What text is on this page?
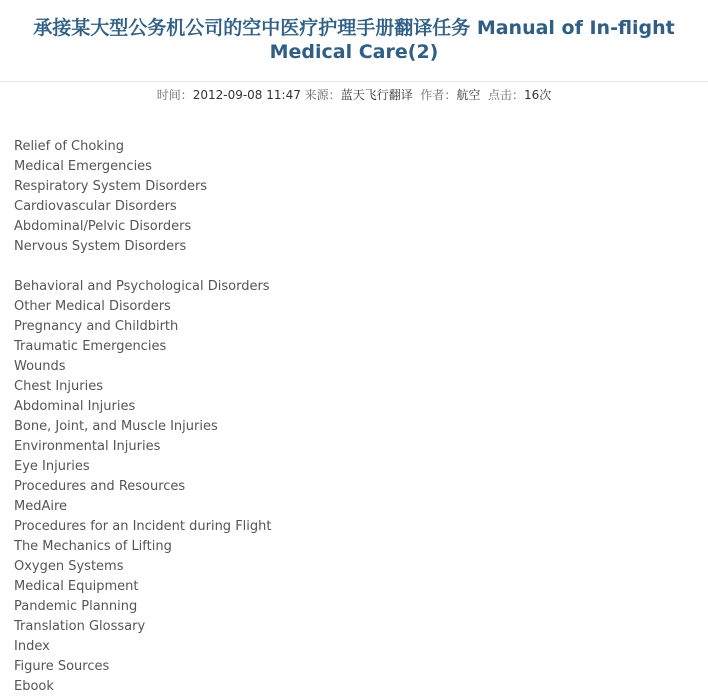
承接某大型公务机公司的空中医疗护理手册翻译任务 Manual of In-flight Medical Care(2)
时间：2012-09-08 11:47 来源：蓝天飞行翻译 作者：航空 点击：16次
Relief of Choking
Medical Emergencies
Respiratory System Disorders
Cardiovascular Disorders
Abdominal/Pelvic Disorders
Nervous System Disorders
Behavioral and Psychological Disorders
Other Medical Disorders
Pregnancy and Childbirth
Traumatic Emergencies
Wounds
Chest Injuries
Abdominal Injuries
Bone, Joint, and Muscle Injuries
Environmental Injuries
Eye Injuries
Procedures and Resources
MedAire
Procedures for an Incident during Flight
The Mechanics of Lifting
Oxygen Systems
Medical Equipment
Pandemic Planning
Translation Glossary
Index
Figure Sources
Ebook
